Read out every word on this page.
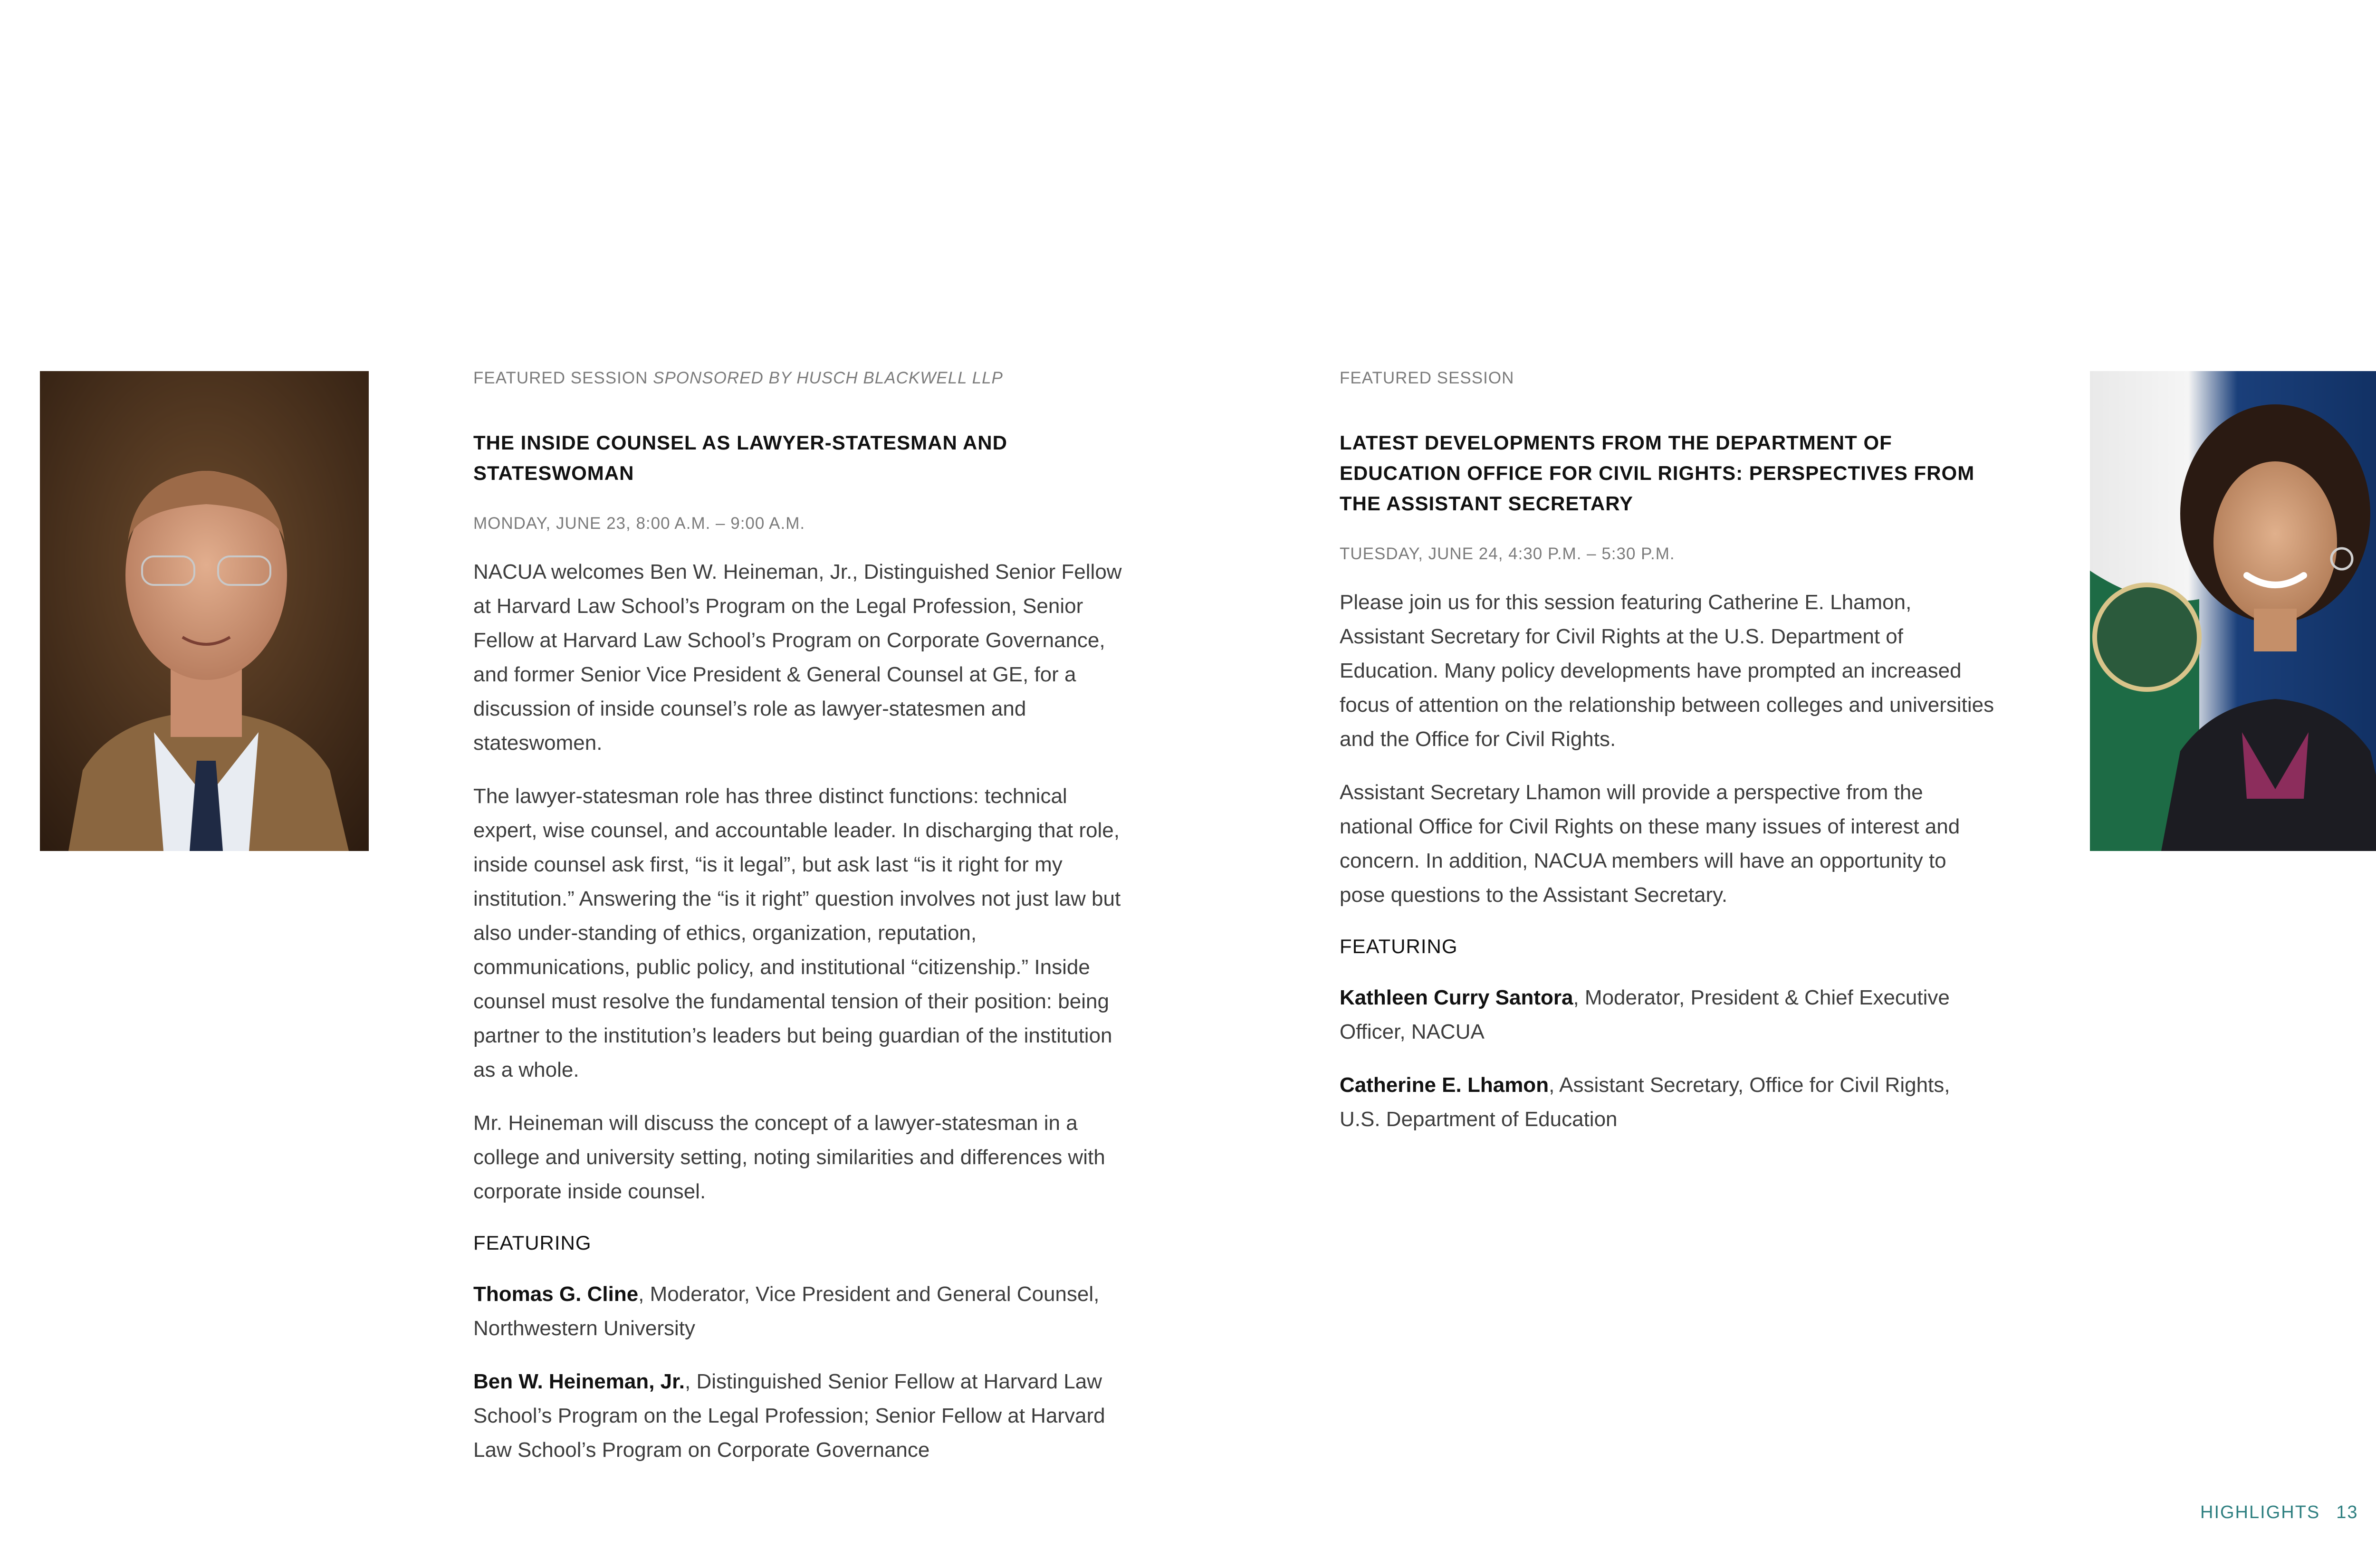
FEATURED SESSION SPONSORED BY HUSCH BLACKWELL LLP
THE INSIDE COUNSEL AS LAWYER-STATESMAN AND STATESWOMAN
MONDAY, JUNE 23, 8:00 A.M. – 9:00 A.M.

NACUA welcomes Ben W. Heineman, Jr., Distinguished Senior Fellow at Harvard Law School’s Program on the Legal Profession, Senior Fellow at Harvard Law School’s Program on Corporate Governance, and former Senior Vice President & General Counsel at GE, for a discussion of inside counsel’s role as lawyer-statesmen and stateswomen.

The lawyer-statesman role has three distinct functions: technical expert, wise counsel, and accountable leader. In discharging that role, inside counsel ask first, “is it legal”, but ask last “is it right for my institution.” Answering the “is it right” question involves not just law but also under-standing of ethics, organization, reputation, communications, public policy, and institutional “citizenship.” Inside counsel must resolve the fundamental tension of their position: being partner to the institution’s leaders but being guardian of the institution as a whole.

Mr. Heineman will discuss the concept of a lawyer-statesman in a college and university setting, noting similarities and differences with corporate inside counsel.

FEATURING

Thomas G. Cline, Moderator, Vice President and General Counsel, Northwestern University

Ben W. Heineman, Jr., Distinguished Senior Fellow at Harvard Law School’s Program on the Legal Profession; Senior Fellow at Harvard Law School’s Program on Corporate Governance

FEATURED SESSION
LATEST DEVELOPMENTS FROM THE DEPARTMENT OF EDUCATION OFFICE FOR CIVIL RIGHTS: PERSPECTIVES FROM THE ASSISTANT SECRETARY
TUESDAY, JUNE 24, 4:30 P.M. – 5:30 P.M.

Please join us for this session featuring Catherine E. Lhamon, Assistant Secretary for Civil Rights at the U.S. Department of Education. Many policy developments have prompted an increased focus of attention on the relationship between colleges and universities and the Office for Civil Rights.

Assistant Secretary Lhamon will provide a perspective from the national Office for Civil Rights on these many issues of interest and concern. In addition, NACUA members will have an opportunity to pose questions to the Assistant Secretary.

FEATURING

Kathleen Curry Santora, Moderator, President & Chief Executive Officer, NACUA

Catherine E. Lhamon, Assistant Secretary, Office for Civil Rights, U.S. Department of Education

HIGHLIGHTS 13
